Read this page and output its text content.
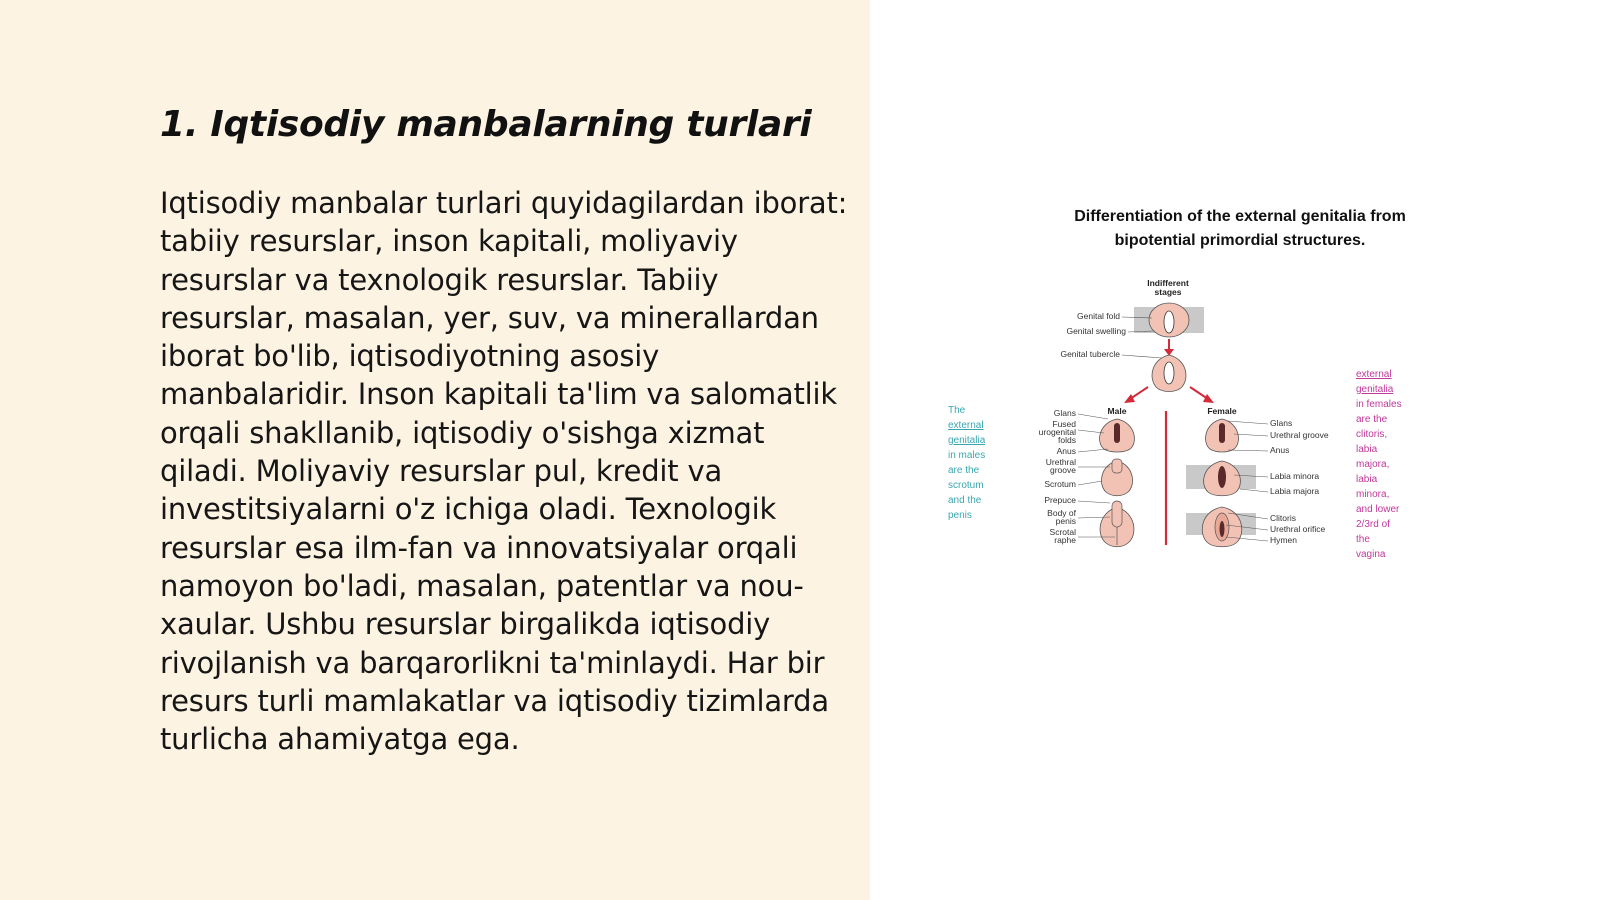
1. Iqtisodiy manbalarning turlari

Iqtisodiy manbalar turlari quyidagilardan iborat: tabiiy resurslar, inson kapitali, moliyaviy resurslar va texnologik resurslar. Tabiiy resurslar, masalan, yer, suv, va minerallardan iborat bo'lib, iqtisodiyotning asosiy manbalaridir. Inson kapitali ta'lim va salomatlik orqali shakllanib, iqtisodiy o'sishga xizmat qiladi. Moliyaviy resurslar pul, kredit va investitsiyalarni o'z ichiga oladi. Texnologik resurslar esa ilm-fan va innovatsiyalar orqali namoyon bo'ladi, masalan, patentlar va nou-xaular. Ushbu resurslar birgalikda iqtisodiy rivojlanish va barqarorlikni ta'minlaydi. Har bir resurs turli mamlakatlar va iqtisodiy tizimlarda turlicha ahamiyatga ega.

Indifferent
stages
Genital fold
Genital swelling
Genital tubercle
Male	Female
Glans
Fused
urogenital
folds
Anus
Urethral
groove
Scrotum
Prepuce
Body of
penis
Scrotal
raphe
Glans
Urethral groove
Anus
Labia minora
Labia majora
Clitoris
Urethral orifice
Hymen
The
external
genitalia
in males
are the
scrotum
and the
penis
external
genitalia
in females
are the
clitoris,
labia
majora,
labia
minora,
and lower
2/3rd of
the
vagina
Differentiation of the external genitalia from
bipotential primordial structures.
